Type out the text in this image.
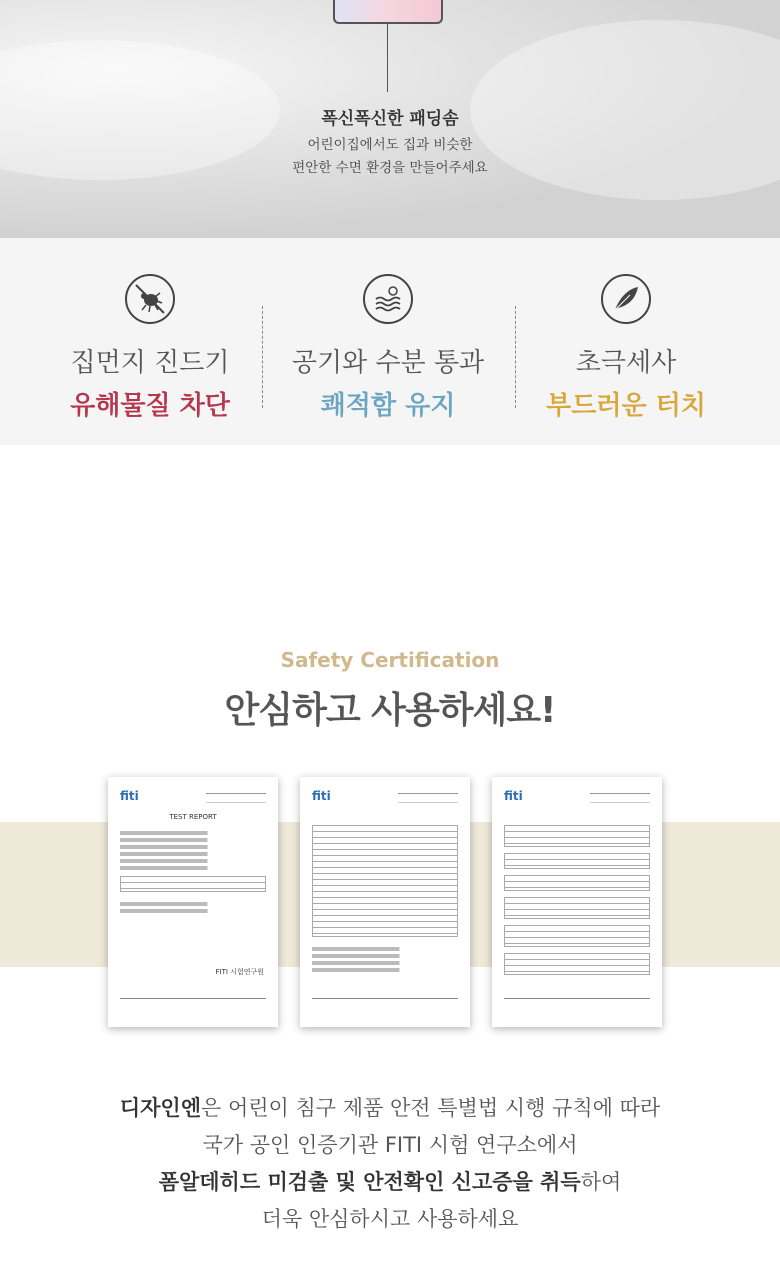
폭신폭신한 패딩솜
어린이집에서도 집과 비슷한
편안한 수면 환경을 만들어주세요
집먼지 진드기
유해물질 차단
공기와 수분 통과
쾌적함 유지
초극세사
부드러운 터치
Safety Certification
안심하고 사용하세요!
fiti
TEST REPORT
FITI 시험연구원
fiti	fiti
디자인엔은 어린이 침구 제품 안전 특별법 시행 규칙에 따라
국가 공인 인증기관 FITI 시험 연구소에서
폼알데히드 미검출 및 안전확인 신고증을 취득하여
더욱 안심하시고 사용하세요
